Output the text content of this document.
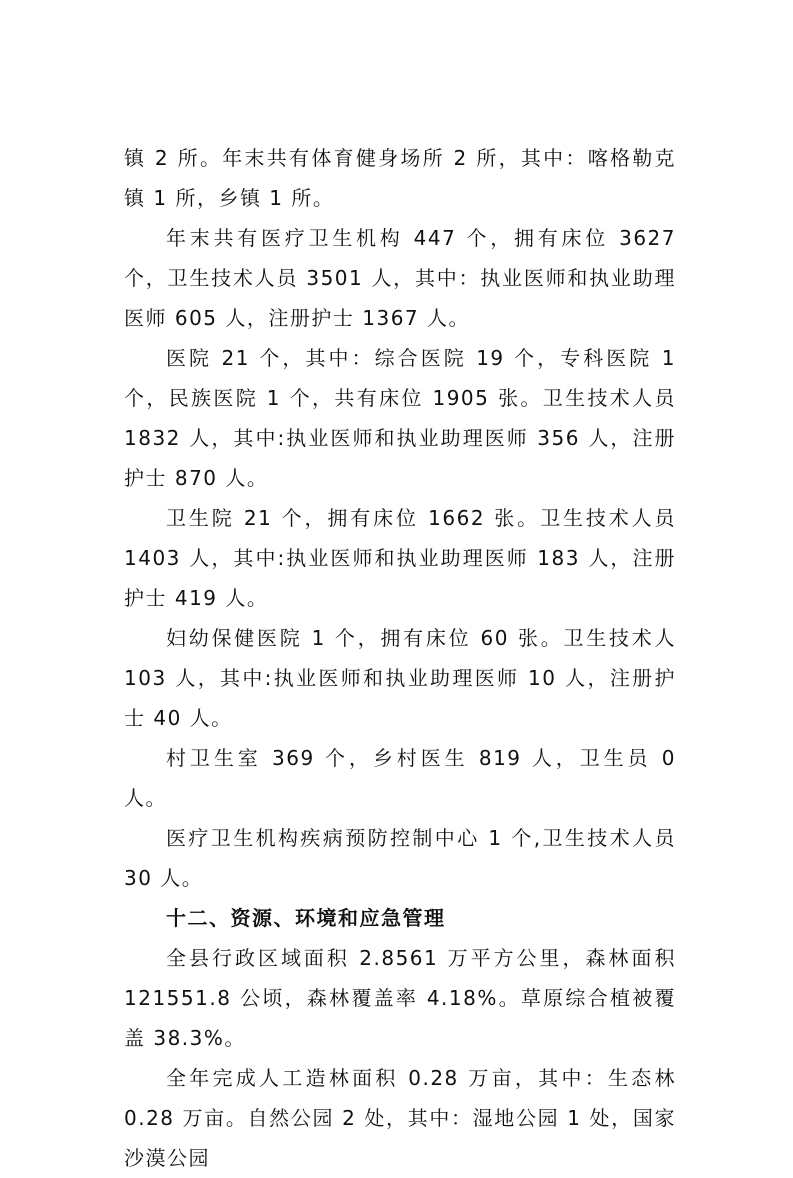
镇 2 所。年末共有体育健身场所 2 所，其中：喀格勒克镇 1 所，乡镇 1 所。

年末共有医疗卫生机构 447 个，拥有床位 3627 个，卫生技术人员 3501 人，其中：执业医师和执业助理医师 605 人，注册护士 1367 人。

医院 21 个，其中：综合医院 19 个，专科医院 1 个，民族医院 1 个，共有床位 1905 张。卫生技术人员 1832 人，其中:执业医师和执业助理医师 356 人，注册护士 870 人。

卫生院 21 个，拥有床位 1662 张。卫生技术人员 1403 人，其中:执业医师和执业助理医师 183 人，注册护士 419 人。

妇幼保健医院 1 个，拥有床位 60 张。卫生技术人 103 人，其中:执业医师和执业助理医师 10 人，注册护士 40 人。

村卫生室 369 个，乡村医生 819 人，卫生员 0 人。

医疗卫生机构疾病预防控制中心 1 个,卫生技术人员 30 人。

十二、资源、环境和应急管理

全县行政区域面积 2.8561 万平方公里，森林面积 121551.8 公顷，森林覆盖率 4.18%。草原综合植被覆盖 38.3%。

全年完成人工造林面积 0.28 万亩，其中：生态林 0.28 万亩。自然公园 2 处，其中：湿地公园 1 处，国家沙漠公园
